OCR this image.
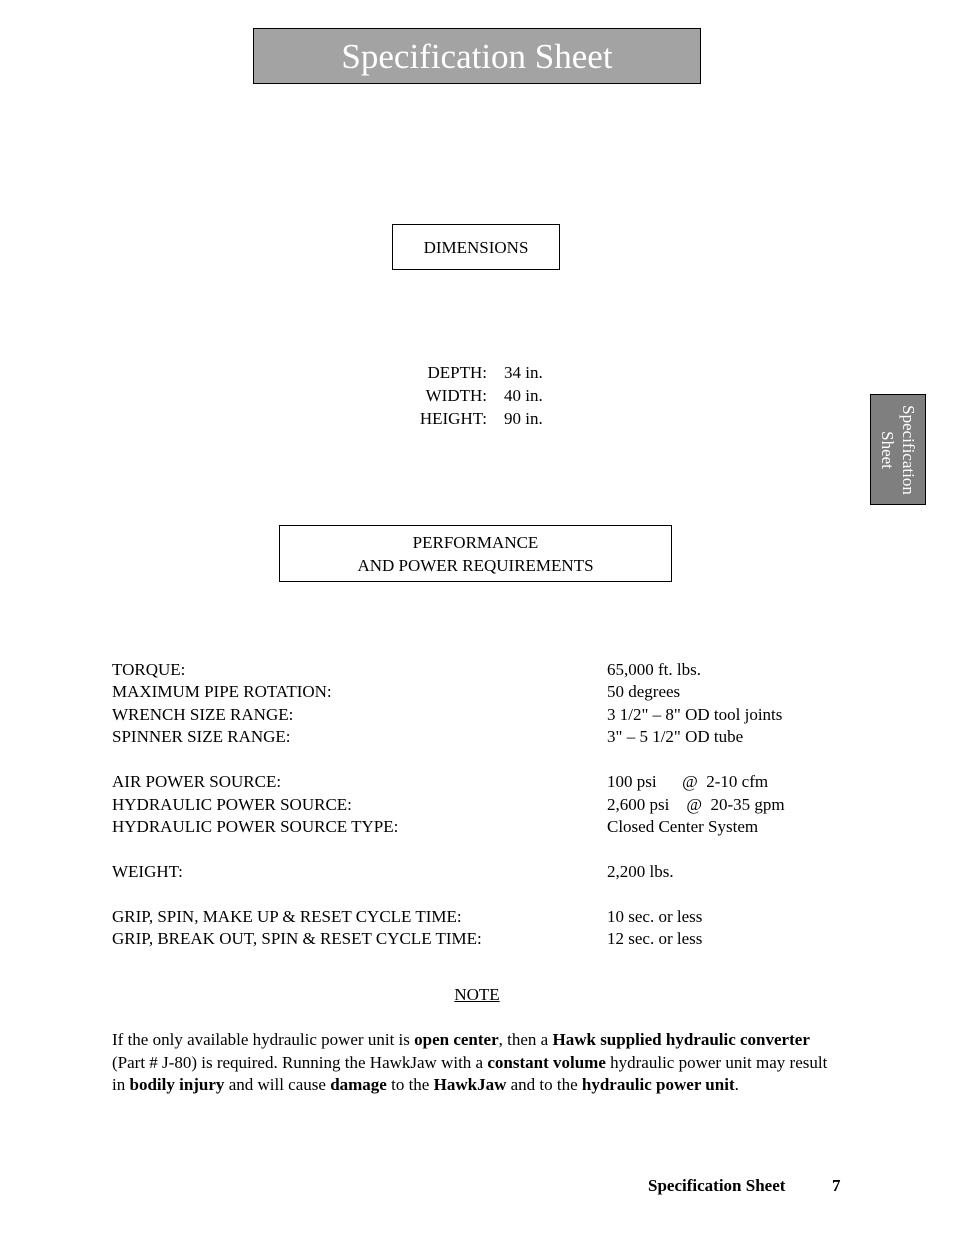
Specification Sheet
Specification
Sheet
DIMENSIONS
DEPTH:	34 in.
WIDTH:	40 in.
HEIGHT:	90 in.
PERFORMANCE
AND POWER REQUIREMENTS
TORQUE:	65,000 ft. lbs.
MAXIMUM PIPE ROTATION:	50 degrees
WRENCH SIZE RANGE:	3 1/2" – 8" OD tool joints
SPINNER SIZE RANGE:	3" – 5 1/2" OD tube
AIR POWER SOURCE:	100 psi      @  2-10 cfm
HYDRAULIC POWER SOURCE:	2,600 psi    @  20-35 gpm
HYDRAULIC POWER SOURCE TYPE:	Closed Center System
WEIGHT:	2,200 lbs.
GRIP, SPIN, MAKE UP & RESET CYCLE TIME:	10 sec. or less
GRIP, BREAK OUT, SPIN & RESET CYCLE TIME:	12 sec. or less
NOTE
If the only available hydraulic power unit is open center, then a Hawk supplied hydraulic converter (Part # J-80) is required. Running the HawkJaw with a constant volume hydraulic power unit may result in bodily injury and will cause damage to the HawkJaw and to the hydraulic power unit.
Specification Sheet	7
